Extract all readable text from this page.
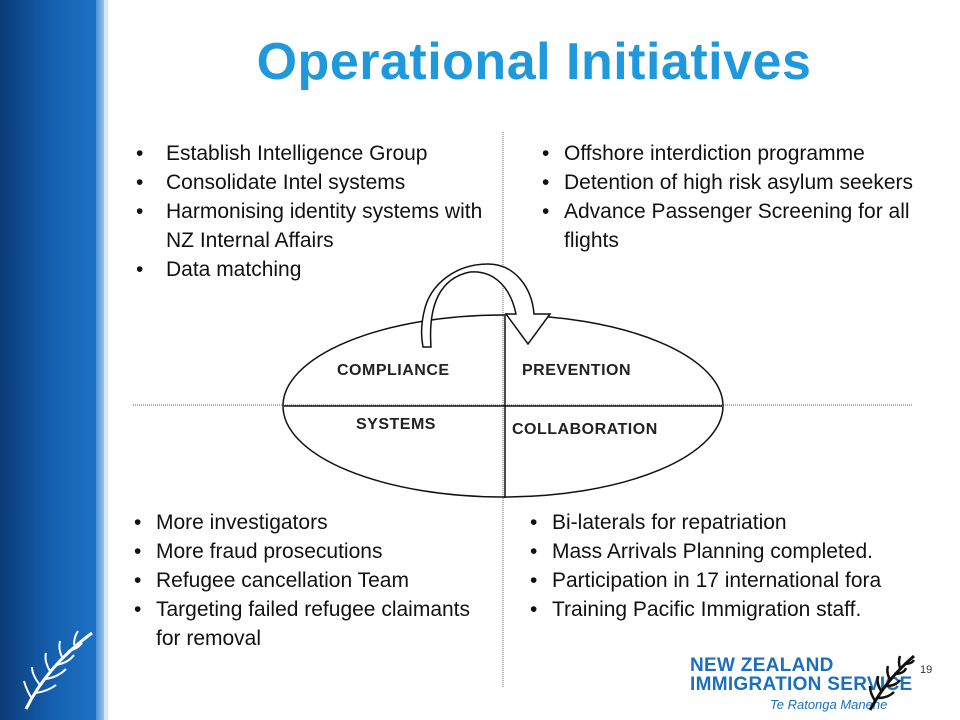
Operational Initiatives
• Establish Intelligence Group
• Consolidate Intel systems
• Harmonising identity systems with NZ Internal Affairs
• Data matching
• Offshore interdiction programme
• Detention of high risk asylum seekers
• Advance Passenger Screening for all flights
• More investigators
• More fraud prosecutions
• Refugee cancellation Team
• Targeting failed refugee claimants for removal
• Bi-laterals for repatriation
• Mass Arrivals Planning completed.
• Participation in 17 international fora
• Training Pacific Immigration staff.
COMPLIANCE	PREVENTION
SYSTEMS	COLLABORATION
NEW ZEALAND
IMMIGRATION SERVICE
Te Ratonga Manene
19
